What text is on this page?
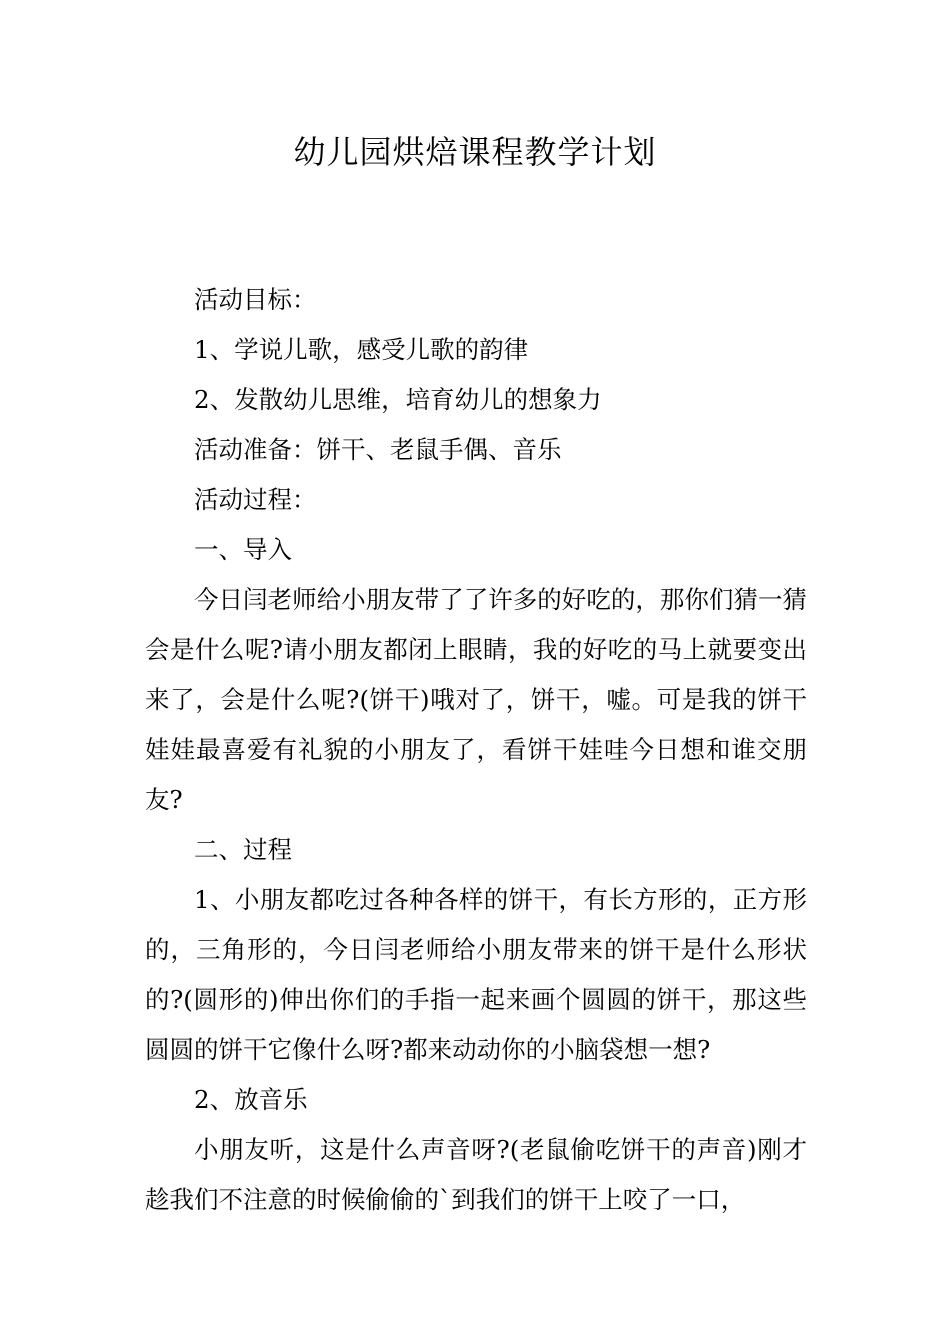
幼儿园烘焙课程教学计划

活动目标：

1、学说儿歌，感受儿歌的韵律

2、发散幼儿思维，培育幼儿的想象力

活动准备：饼干、老鼠手偶、音乐

活动过程：

一、导入

今日闫老师给小朋友带了了许多的好吃的，那你们猜一猜会是什么呢?请小朋友都闭上眼睛，我的好吃的马上就要变出来了，会是什么呢?(饼干)哦对了，饼干，嘘。可是我的饼干娃娃最喜爱有礼貌的小朋友了，看饼干娃哇今日想和谁交朋友?

二、过程

1、小朋友都吃过各种各样的饼干，有长方形的，正方形的，三角形的，今日闫老师给小朋友带来的饼干是什么形状的?(圆形的)伸出你们的手指一起来画个圆圆的饼干，那这些圆圆的饼干它像什么呀?都来动动你的小脑袋想一想?

2、放音乐

小朋友听，这是什么声音呀?(老鼠偷吃饼干的声音)刚才趁我们不注意的时候偷偷的`到我们的饼干上咬了一口，
